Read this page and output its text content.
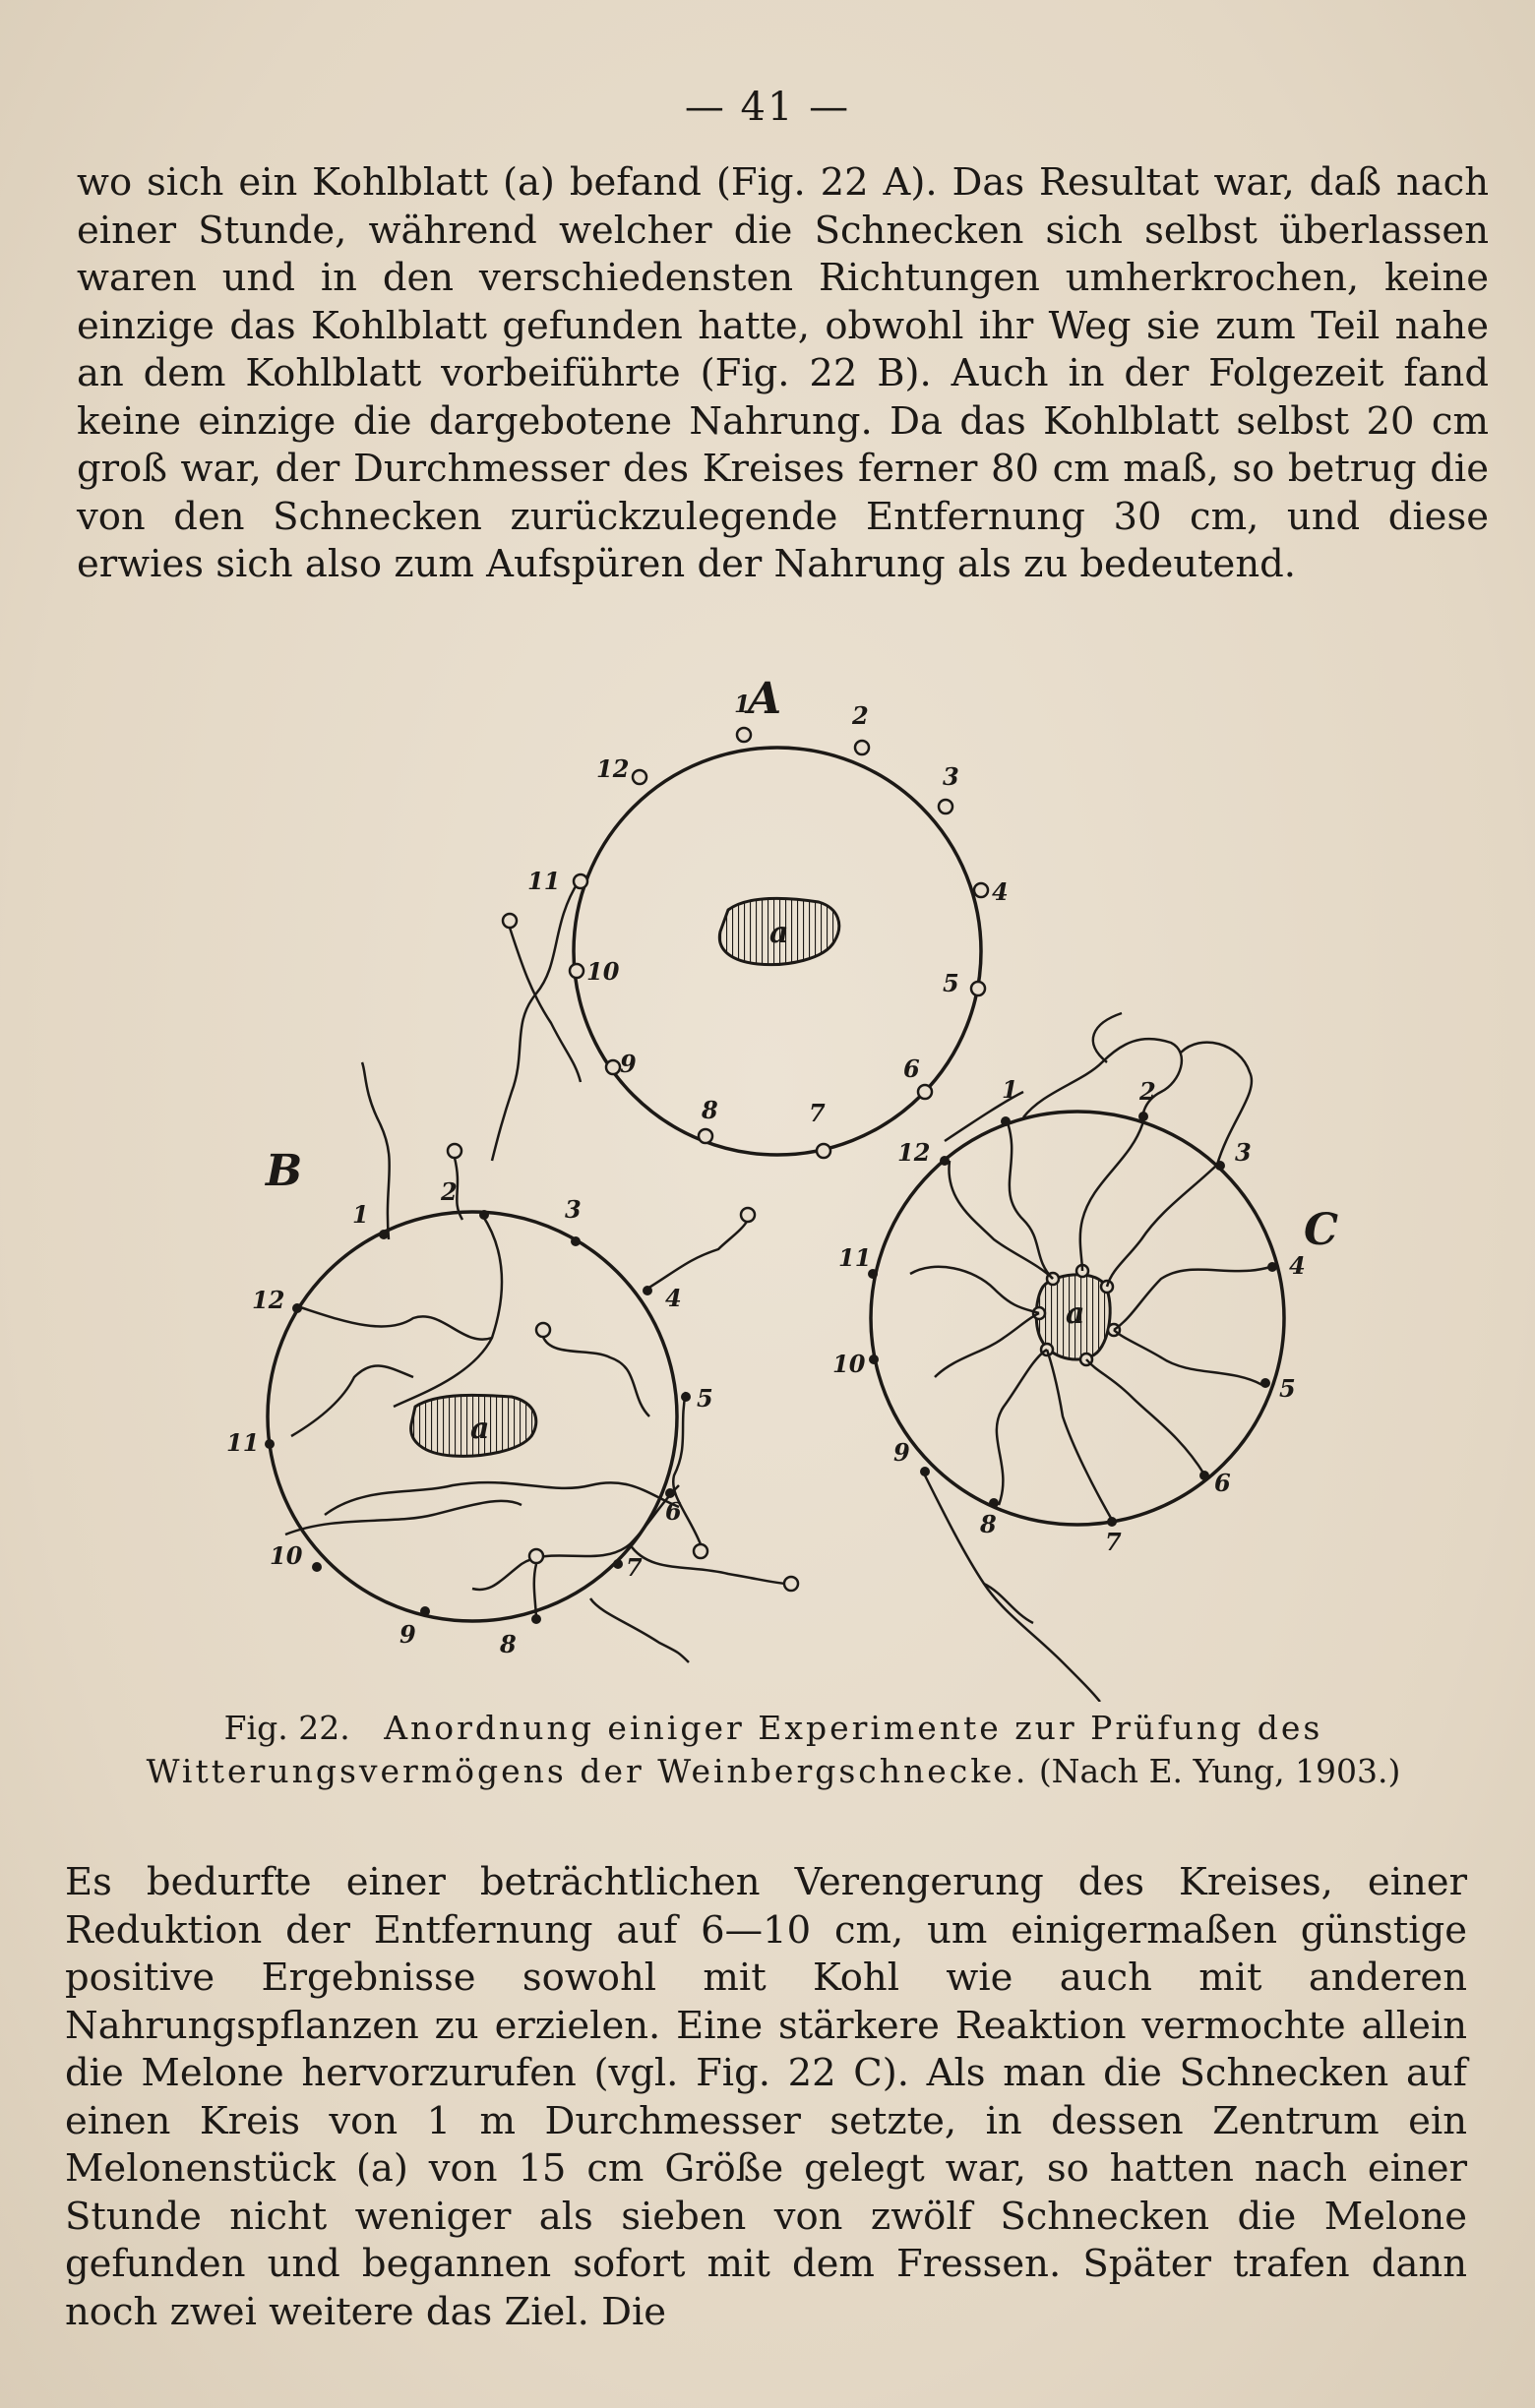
— 41 —
wo sich ein Kohlblatt (a) befand (Fig. 22 A). Das Resultat war, daß nach einer Stunde, während welcher die Schnecken sich selbst überlassen waren und in den verschiedensten Richtungen umherkrochen, keine einzige das Kohlblatt gefunden hatte, obwohl ihr Weg sie zum Teil nahe an dem Kohlblatt vorbeiführte (Fig. 22 B). Auch in der Folgezeit fand keine einzige die dargebotene Nahrung. Da das Kohlblatt selbst 20 cm groß war, der Durchmesser des Kreises ferner 80 cm maß, so betrug die von den Schnecken zurückzulegende Entfernung 30 cm, und diese erwies sich also zum Aufspüren der Nahrung als zu bedeutend.
a
A
1	2
3
4
5
6
7
8
9
10
11
12
a
B
1
2
3
4
5
6
7
8
9
10
11
12	a
C
1	2
3
4
5
6
7
8
9
10
11
12
Fig. 22. Anordnung einiger Experimente zur Prüfung des Witterungsvermögens der Weinbergschnecke. (Nach E. Yung, 1903.)
Es bedurfte einer beträchtlichen Verengerung des Kreises, einer Reduktion der Entfernung auf 6—10 cm, um einigermaßen günstige positive Ergebnisse sowohl mit Kohl wie auch mit anderen Nahrungspflanzen zu erzielen. Eine stärkere Reaktion vermochte allein die Melone hervorzurufen (vgl. Fig. 22 C). Als man die Schnecken auf einen Kreis von 1 m Durchmesser setzte, in dessen Zentrum ein Melonenstück (a) von 15 cm Größe gelegt war, so hatten nach einer Stunde nicht weniger als sieben von zwölf Schnecken die Melone gefunden und begannen sofort mit dem Fressen. Später trafen dann noch zwei weitere das Ziel. Die
